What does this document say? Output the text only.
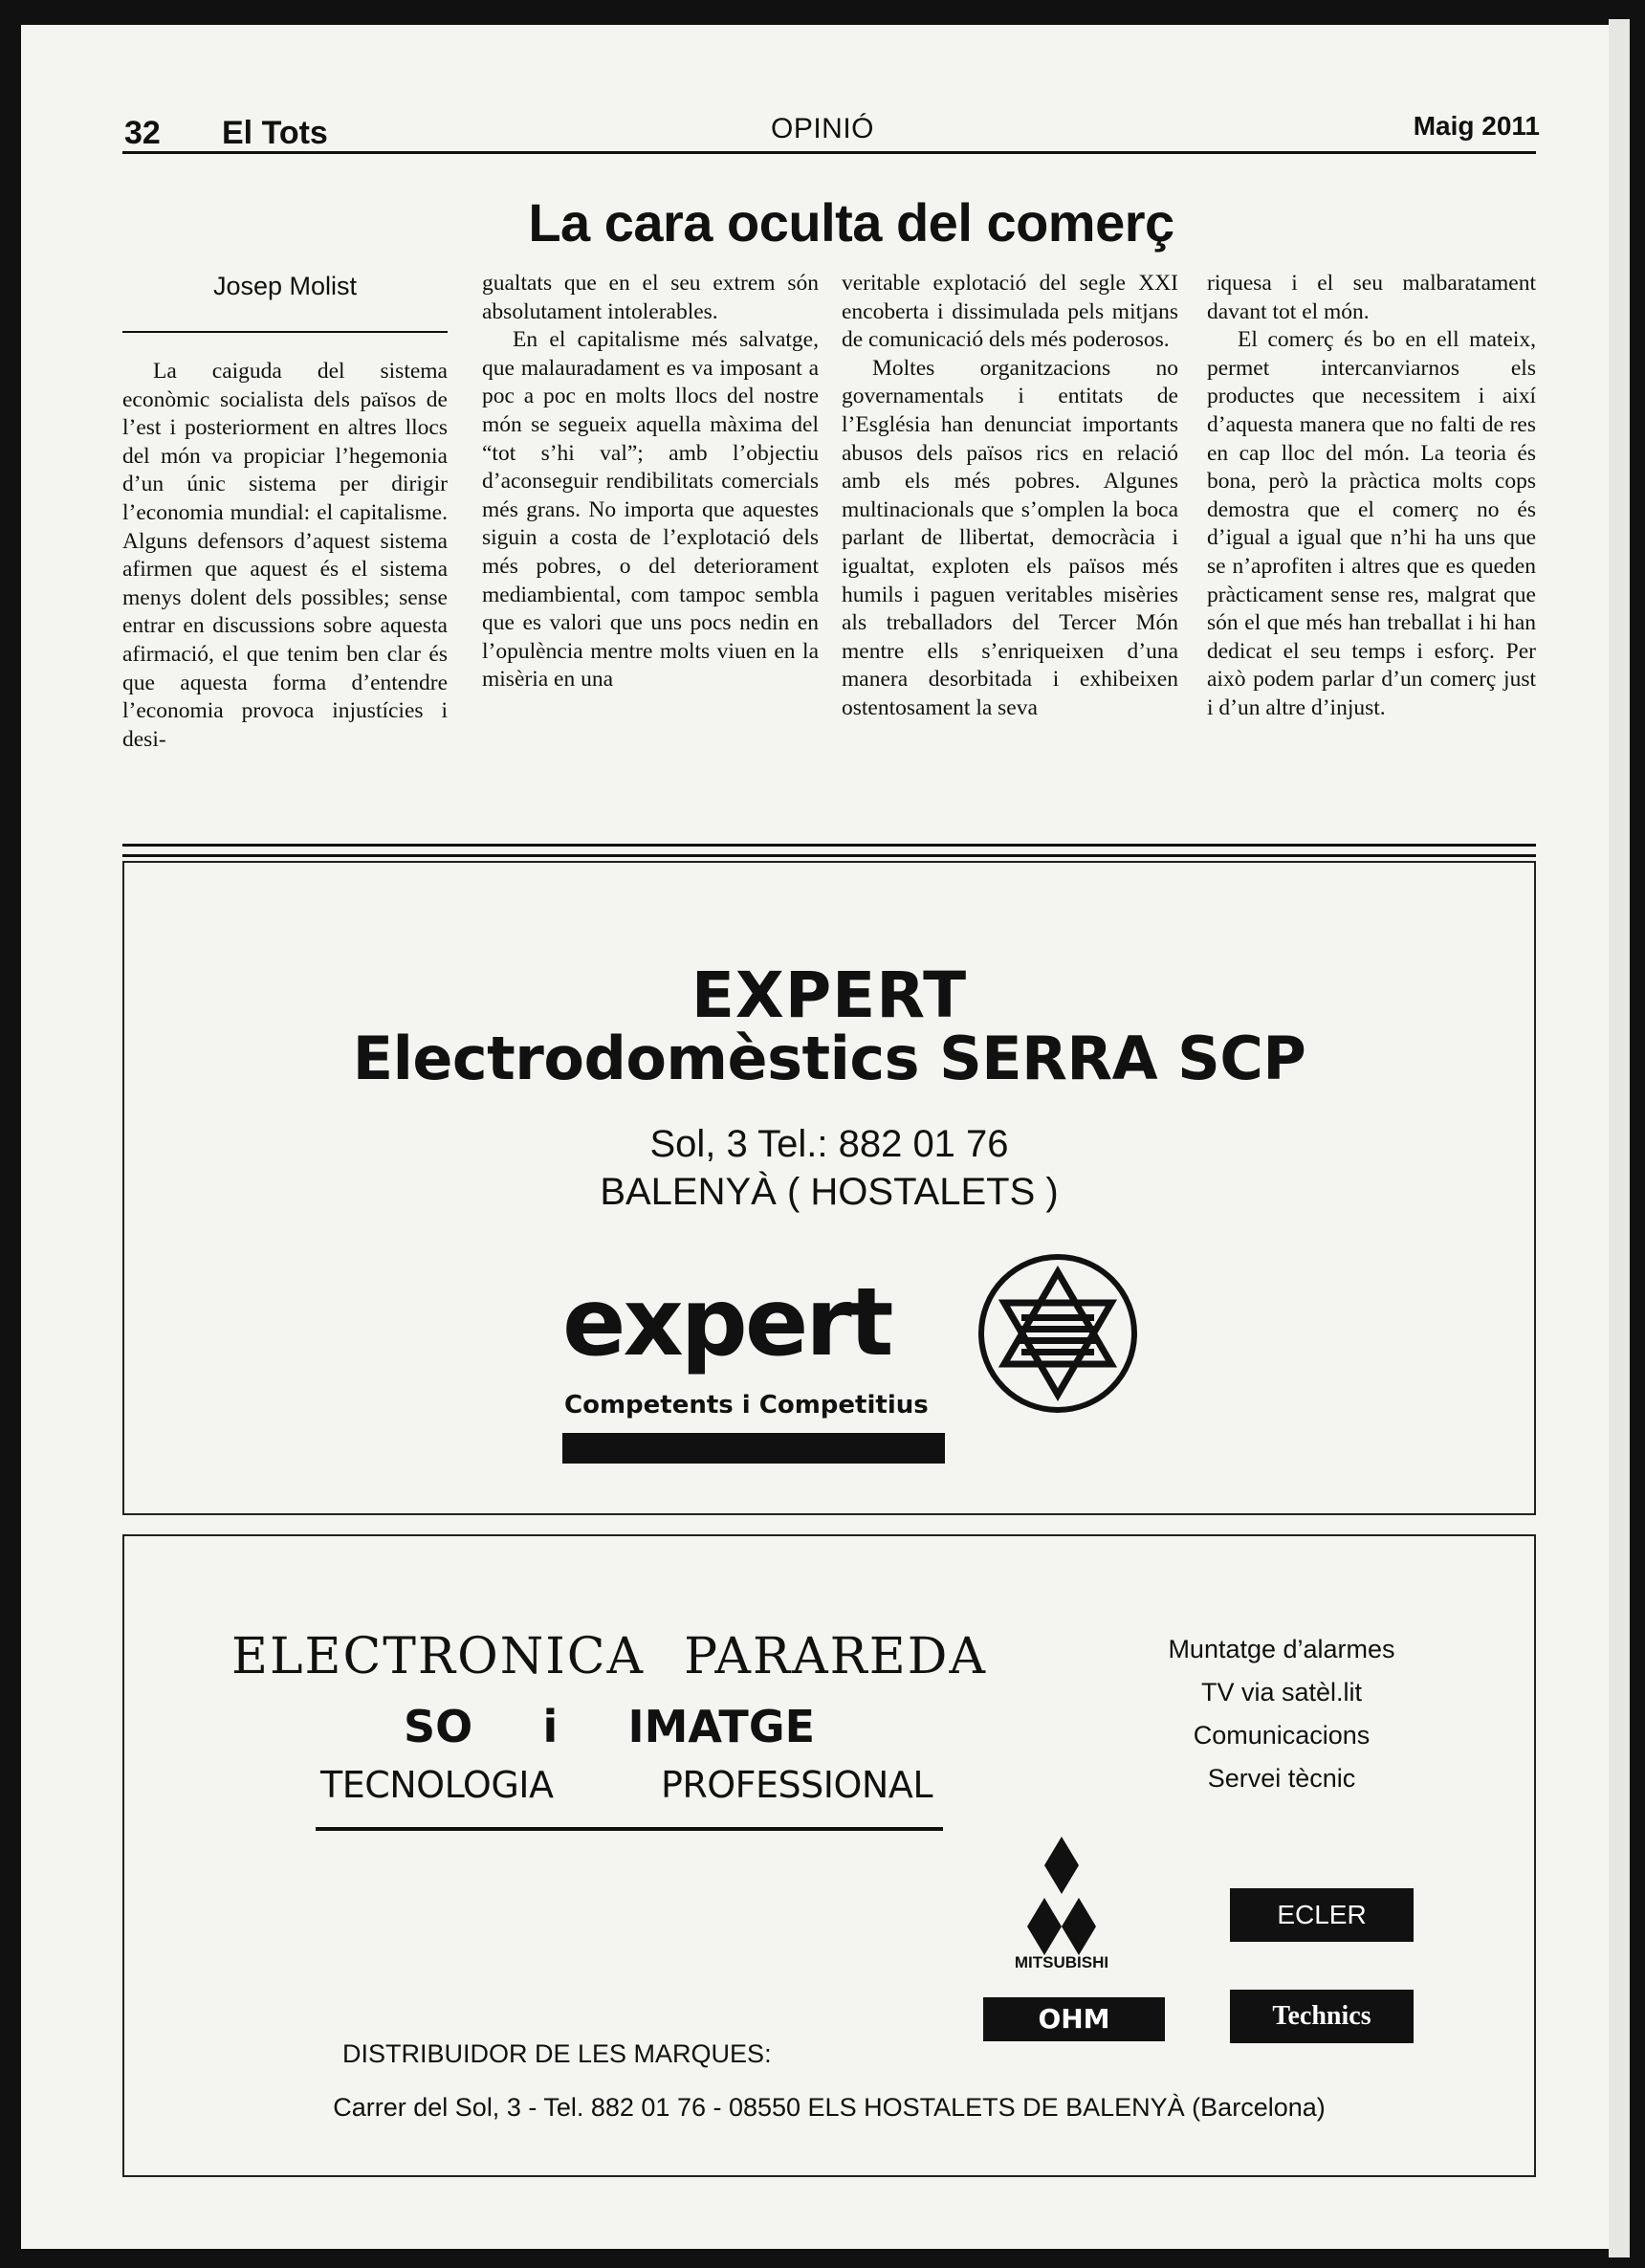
32 El Tots	OPINIÓ	Maig 2011
La cara oculta del comerç
Josep Molist

La caiguda del sistema econòmic socialista dels països de l’est i posteriorment en altres llocs del món va propiciar l’hegemonia d’un únic sistema per dirigir l’economia mundial: el capitalisme. Alguns defensors d’aquest sistema afirmen que aquest és el sistema menys dolent dels possibles; sense entrar en discussions sobre aquesta afirmació, el que tenim ben clar és que aquesta forma d’entendre l’economia provoca injustícies i desi-

gualtats que en el seu extrem són absolutament intolerables.

En el capitalisme més salvatge, que malauradament es va imposant a poc a poc en molts llocs del nostre món se segueix aquella màxima del “tot s’hi val”; amb l’objectiu d’aconseguir rendibilitats comercials més grans. No importa que aquestes siguin a costa de l’explotació dels més pobres, o del deteriorament mediambiental, com tampoc sembla que es valori que uns pocs nedin en l’opulència mentre molts viuen en la misèria en una

veritable explotació del segle XXI encoberta i dissimulada pels mitjans de comunicació dels més poderosos.

Moltes organitzacions no governamentals i entitats de l’Església han denunciat importants abusos dels països rics en relació amb els més pobres. Algunes multinacionals que s’omplen la boca parlant de llibertat, democràcia i igualtat, exploten els països més humils i paguen veritables misèries als treballadors del Tercer Món mentre ells s’enriqueixen d’una manera desorbitada i exhibeixen ostentosament la seva

riquesa i el seu malbaratament davant tot el món.

El comerç és bo en ell mateix, permet intercanviarnos els productes que necessitem i així d’aquesta manera que no falti de res en cap lloc del món. La teoria és bona, però la pràctica molts cops demostra que el comerç no és d’igual a igual que n’hi ha uns que se n’aprofiten i altres que es queden pràcticament sense res, malgrat que són el que més han treballat i hi han dedicat el seu temps i esforç. Per això podem parlar d’un comerç just i d’un altre d’injust.

EXPERT
Electrodomèstics SERRA SCP
Sol, 3 Tel.: 882 01 76
BALENYÀ ( HOSTALETS )
expert
Competents i Competitius
ELECTRONICA PARAREDA
SO i IMATGE
TECNOLOGIA	PROFESSIONAL
Muntatge d’alarmes
TV via satèl.lit
Comunicacions
Servei tècnic
DISTRIBUIDOR DE LES MARQUES:
MITSUBISHI
OHM
ECLER
Technics
Carrer del Sol, 3 - Tel. 882 01 76 - 08550 ELS HOSTALETS DE BALENYÀ (Barcelona)
